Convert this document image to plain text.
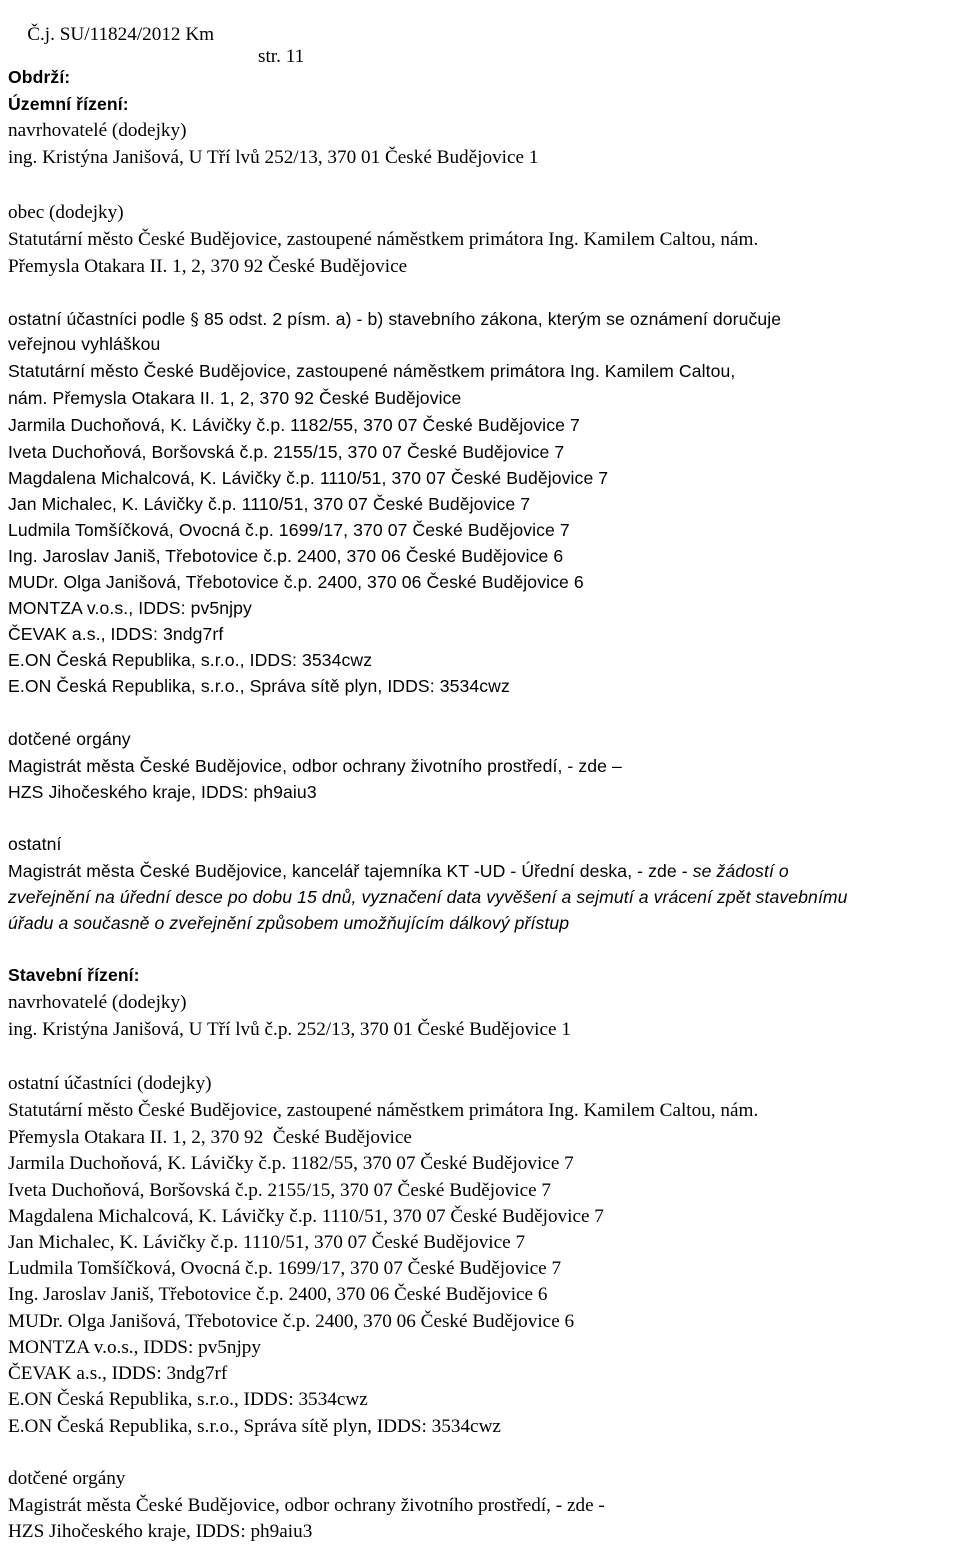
Č.j. SU/11824/2012 Km

str. 11

Obdrží:
Územní řízení:
navrhovatelé (dodejky)
ing. Kristýna Janišová, U Tří lvů 252/13, 370 01 České Budějovice 1
obec (dodejky)
Statutární město České Budějovice, zastoupené náměstkem primátora Ing. Kamilem Caltou, nám.
Přemysla Otakara II. 1, 2, 370 92 České Budějovice
ostatní účastníci podle § 85 odst. 2 písm. a) - b) stavebního zákona, kterým se oznámení doručuje
veřejnou vyhláškou
Statutární město České Budějovice, zastoupené náměstkem primátora Ing. Kamilem Caltou,
nám. Přemysla Otakara II. 1, 2, 370 92 České Budějovice
Jarmila Duchoňová, K. Lávičky č.p. 1182/55, 370 07 České Budějovice 7
Iveta Duchoňová, Boršovská č.p. 2155/15, 370 07 České Budějovice 7
Magdalena Michalcová, K. Lávičky č.p. 1110/51, 370 07 České Budějovice 7
Jan Michalec, K. Lávičky č.p. 1110/51, 370 07 České Budějovice 7
Ludmila Tomšíčková, Ovocná č.p. 1699/17, 370 07 České Budějovice 7
Ing. Jaroslav Janiš, Třebotovice č.p. 2400, 370 06 České Budějovice 6
MUDr. Olga Janišová, Třebotovice č.p. 2400, 370 06 České Budějovice 6
MONTZA v.o.s., IDDS: pv5njpy
ČEVAK a.s., IDDS: 3ndg7rf
E.ON Česká Republika, s.r.o., IDDS: 3534cwz
E.ON Česká Republika, s.r.o., Správa sítě plyn, IDDS: 3534cwz
dotčené orgány
Magistrát města České Budějovice, odbor ochrany životního prostředí, - zde –
HZS Jihočeského kraje, IDDS: ph9aiu3
ostatní
Magistrát města České Budějovice, kancelář tajemníka KT -UD - Úřední deska, - zde - se žádostí o
zveřejnění na úřední desce po dobu 15 dnů, vyznačení data vyvěšení a sejmutí a vrácení zpět stavebnímu
úřadu a současně o zveřejnění způsobem umožňujícím dálkový přístup
Stavební řízení:
navrhovatelé (dodejky)
ing. Kristýna Janišová, U Tří lvů č.p. 252/13, 370 01 České Budějovice 1
ostatní účastníci (dodejky)
Statutární město České Budějovice, zastoupené náměstkem primátora Ing. Kamilem Caltou, nám.
Přemysla Otakara II. 1, 2, 370 92  České Budějovice
Jarmila Duchoňová, K. Lávičky č.p. 1182/55, 370 07 České Budějovice 7
Iveta Duchoňová, Boršovská č.p. 2155/15, 370 07 České Budějovice 7
Magdalena Michalcová, K. Lávičky č.p. 1110/51, 370 07 České Budějovice 7
Jan Michalec, K. Lávičky č.p. 1110/51, 370 07 České Budějovice 7
Ludmila Tomšíčková, Ovocná č.p. 1699/17, 370 07 České Budějovice 7
Ing. Jaroslav Janiš, Třebotovice č.p. 2400, 370 06 České Budějovice 6
MUDr. Olga Janišová, Třebotovice č.p. 2400, 370 06 České Budějovice 6
MONTZA v.o.s., IDDS: pv5njpy
ČEVAK a.s., IDDS: 3ndg7rf
E.ON Česká Republika, s.r.o., IDDS: 3534cwz
E.ON Česká Republika, s.r.o., Správa sítě plyn, IDDS: 3534cwz
dotčené orgány
Magistrát města České Budějovice, odbor ochrany životního prostředí, - zde -
HZS Jihočeského kraje, IDDS: ph9aiu3
